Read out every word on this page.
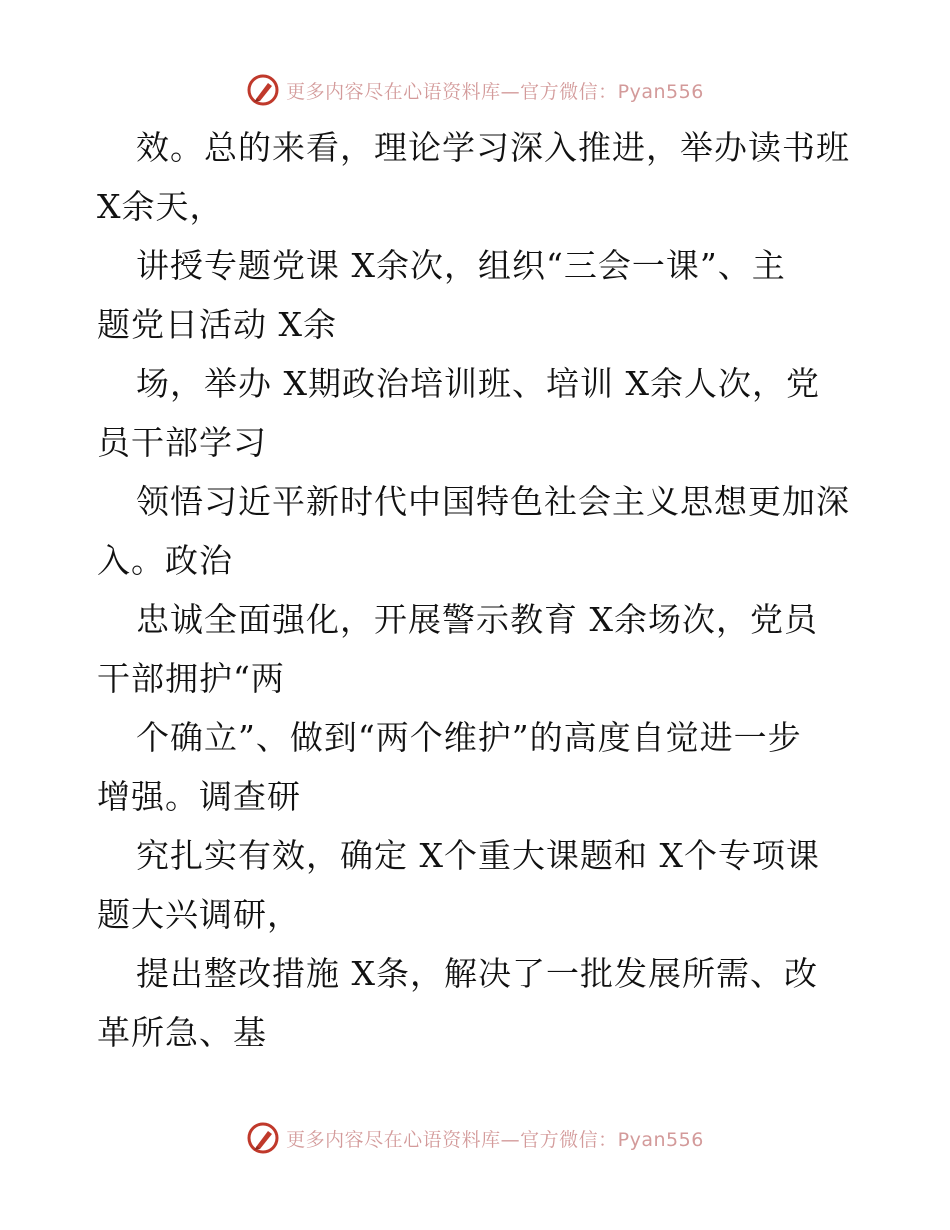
更多内容尽在心语资料库—官方微信：Pyan556
效。总的来看，理论学习深入推进，举办读书班
X余天，
讲授专题党课 X余次，组织“三会一课”、主
题党日活动 X余
场，举办 X期政治培训班、培训 X余人次，党
员干部学习
领悟习近平新时代中国特色社会主义思想更加深
入。政治
忠诚全面强化，开展警示教育 X余场次，党员
干部拥护“两
个确立”、做到“两个维护”的高度自觉进一步
增强。调查研
究扎实有效，确定 X个重大课题和 X个专项课
题大兴调研，
提出整改措施 X条，解决了一批发展所需、改
革所急、基
更多内容尽在心语资料库—官方微信：Pyan556
